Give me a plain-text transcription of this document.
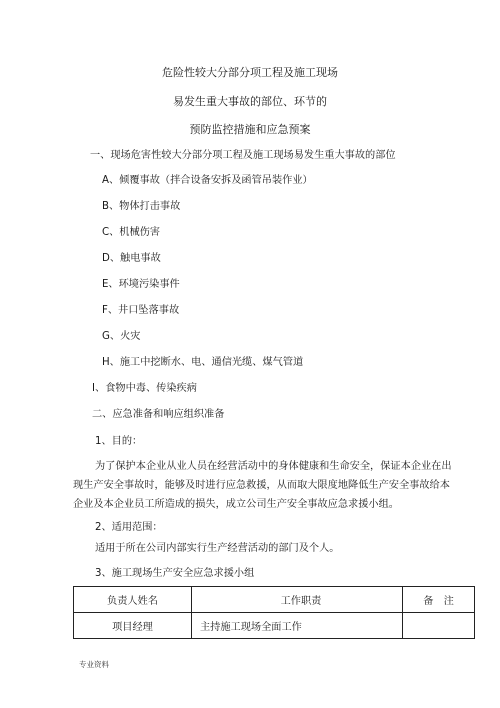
危险性较大分部分项工程及施工现场
易发生重大事故的部位、环节的
预防监控措施和应急预案
一、现场危害性较大分部分项工程及施工现场易发生重大事故的部位
A、倾覆事故（拌合设备安拆及函管吊装作业）
B、物体打击事故
C、机械伤害
D、触电事故
E、环境污染事件
F、井口坠落事故
G、火灾
H、施工中挖断水、电、通信光缆、煤气管道
I、食物中毒、传染疾病
二、应急准备和响应组织准备
1、目的：
为了保护本企业从业人员在经营活动中的身体健康和生命安全，保证本企业在出
现生产安全事故时，能够及时进行应急救援，从而取大限度地降低生产安全事故给本
企业及本企业员工所造成的损失，成立公司生产安全事故应急求援小组。
2、适用范围：
适用于所在公司内部实行生产经营活动的部门及个人。
3、施工现场生产安全应急求援小组
负责人姓名	工作职责	备　注
项目经理	主持施工现场全面工作	
专业资料
